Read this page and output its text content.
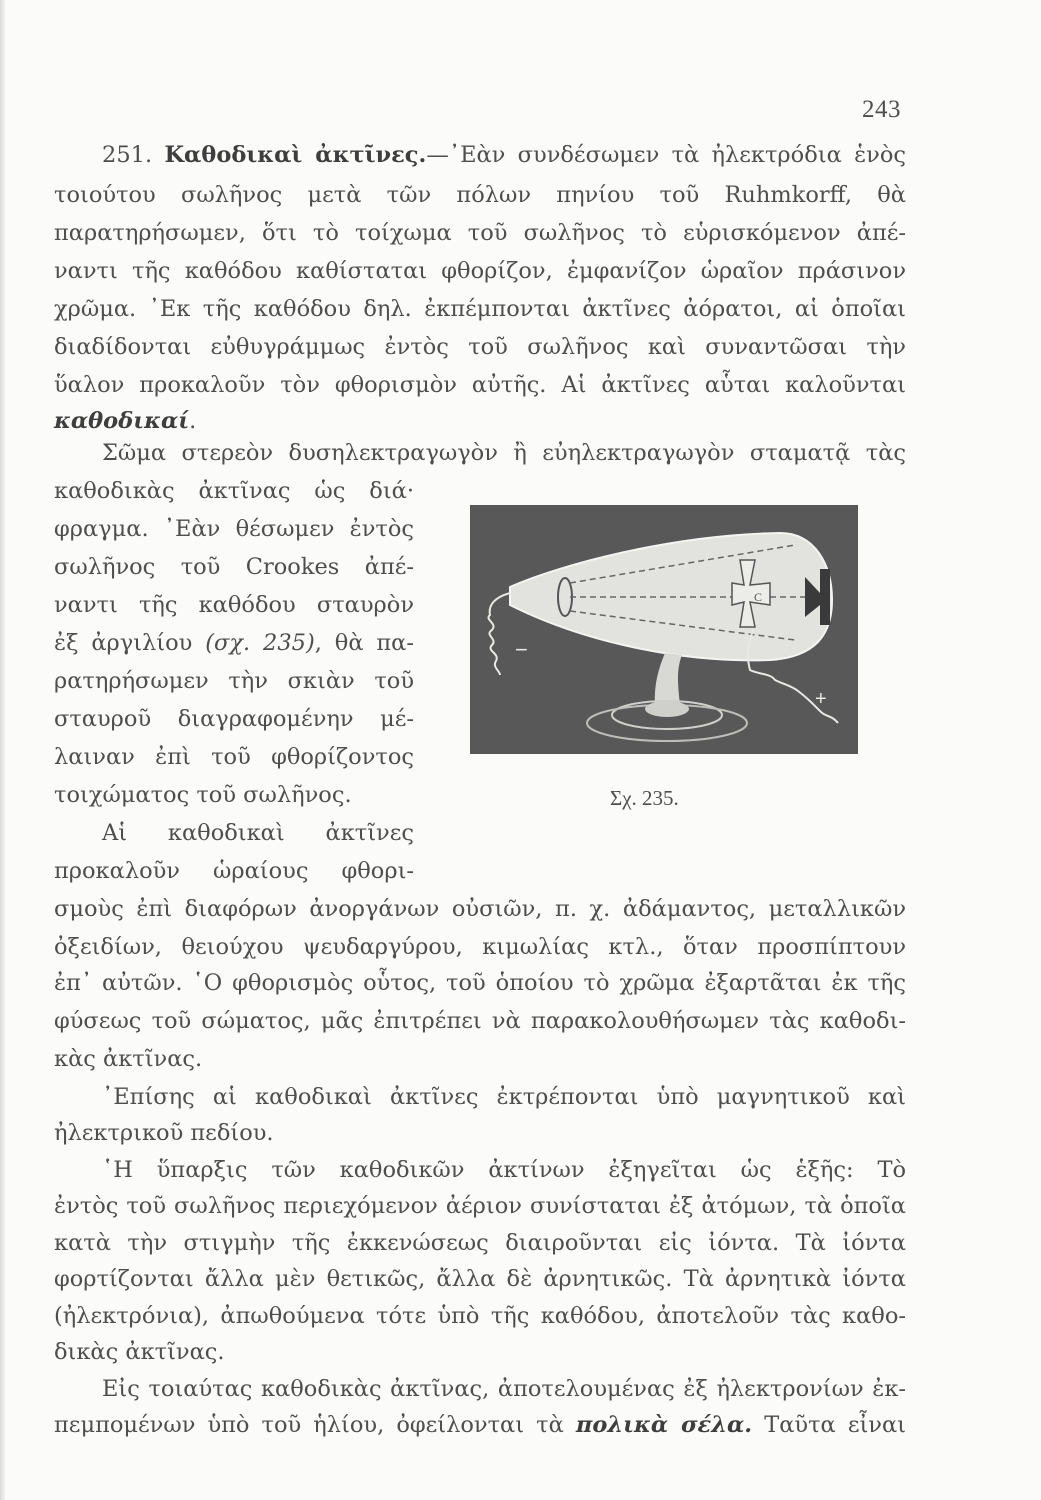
243
251. Καθοδικαὶ ἀκτῖνες.—᾿Εὰν συνδέσωμεν τὰ ἠλεκτρόδια ἑνὸς
τοιούτου σωλῆνος μετὰ τῶν πόλων πηνίου τοῦ Ruhmkorff, θὰ
παρατηρήσωμεν, ὅτι τὸ τοίχωμα τοῦ σωλῆνος τὸ εὑρισκόμενον ἀπέ-
ναντι τῆς καθόδου καθίσταται φθορίζον, ἐμφανίζον ὡραῖον πράσινον
χρῶμα. ᾿Εκ τῆς καθόδου δηλ. ἐκπέμπονται ἀκτῖνες ἀόρατοι, αἱ ὁποῖαι
διαδίδονται εὐθυγράμμως ἐντὸς τοῦ σωλῆνος καὶ συναντῶσαι τὴν
ὕαλον προκαλοῦν τὸν φθορισμὸν αὐτῆς. Αἱ ἀκτῖνες αὗται καλοῦνται
καθοδικαί.
Σῶμα στερεὸν δυσηλεκτραγωγὸν ἢ εὐηλεκτραγωγὸν σταματᾷ τὰς
καθοδικὰς ἀκτῖνας ὡς διά·
φραγμα. ᾿Εὰν θέσωμεν ἐντὸς
σωλῆνος τοῦ Crookes ἀπέ-
ναντι τῆς καθόδου σταυρὸν
ἐξ ἀργιλίου (σχ. 235), θὰ πα-
ρατηρήσωμεν τὴν σκιὰν τοῦ
σταυροῦ διαγραφομένην μέ-
λαιναν ἐπὶ τοῦ φθορίζοντος
τοιχώματος τοῦ σωλῆνος.
Αἱ καθοδικαὶ ἀκτῖνες
προκαλοῦν ὡραίους φθορι-
σμοὺς ἐπὶ διαφόρων ἀνοργάνων οὐσιῶν, π. χ. ἀδάμαντος, μεταλλικῶν
ὀξειδίων, θειούχου ψευδαργύρου, κιμωλίας κτλ., ὅταν προσπίπτουν
ἐπ᾿ αὐτῶν. ῾Ο φθορισμὸς οὗτος, τοῦ ὁποίου τὸ χρῶμα ἐξαρτᾶται ἐκ τῆς
φύσεως τοῦ σώματος, μᾶς ἐπιτρέπει νὰ παρακολουθήσωμεν τὰς καθοδι-
κὰς ἀκτῖνας.
᾿Επίσης αἱ καθοδικαὶ ἀκτῖνες ἐκτρέπονται ὑπὸ μαγνητικοῦ καὶ
ἠλεκτρικοῦ πεδίου.
῾Η ὕπαρξις τῶν καθοδικῶν ἀκτίνων ἐξηγεῖται ὡς ἑξῆς: Τὸ
ἐντὸς τοῦ σωλῆνος περιεχόμενον ἀέριον συνίσταται ἐξ ἀτόμων, τὰ ὁποῖα
κατὰ τὴν στιγμὴν τῆς ἐκκενώσεως διαιροῦνται εἰς ἰόντα. Τὰ ἰόντα
φορτίζονται ἄλλα μὲν θετικῶς, ἄλλα δὲ ἀρνητικῶς. Τὰ ἀρνητικὰ ἰόντα
(ἠλεκτρόνια), ἀπωθούμενα τότε ὑπὸ τῆς καθόδου, ἀποτελοῦν τὰς καθο-
δικὰς ἀκτῖνας.
Εἰς τοιαύτας καθοδικὰς ἀκτῖνας, ἀποτελουμένας ἐξ ἠλεκτρονίων ἐκ-
πεμπομένων ὑπὸ τοῦ ἡλίου, ὀφείλονται τὰ πολικὰ σέλα. Ταῦτα εἶναι
C
−
+
Σχ. 235.
